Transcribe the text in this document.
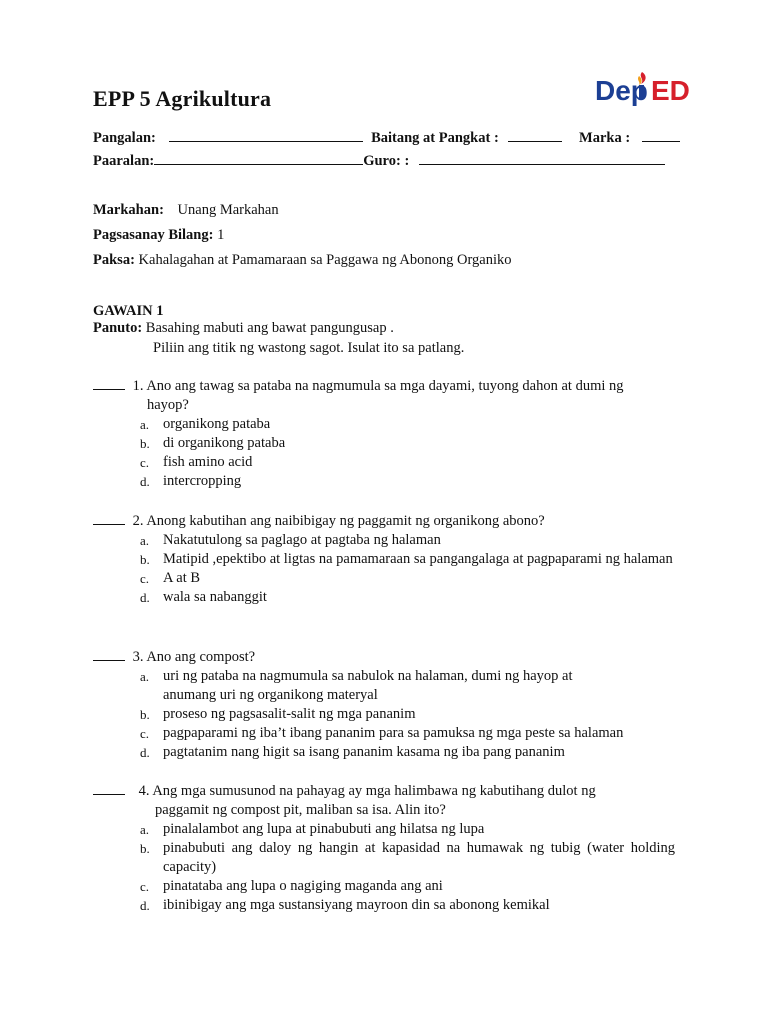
EPP 5 Agrikultura	Dep ED
Pangalan:	Baitang at Pangkat :	Marka :
Paaralan:	Guro: :
Markahan: Unang Markahan
Pagsasanay Bilang: 1
Paksa: Kahalagahan at Pamamaraan sa Paggawa ng Abonong Organiko
GAWAIN 1
Panuto: Basahing mabuti ang bawat pangungusap .
Piliin ang titik ng wastong sagot. Isulat ito sa patlang.
1. Ano ang tawag sa pataba na nagmumula sa mga dayami, tuyong dahon at dumi ng
hayop?
a. organikong pataba
b. di organikong pataba
c. fish amino acid
d. intercropping
2. Anong kabutihan ang naibibigay ng paggamit ng organikong abono?
a. Nakatutulong sa paglago at pagtaba ng halaman
b. Matipid ,epektibo at ligtas na pamamaraan sa pangangalaga at pagpaparami ng halaman
c. A at B
d. wala sa nabanggit
3. Ano ang compost?
a. uri ng pataba na nagmumula sa nabulok na halaman, dumi ng hayop at
anumang uri ng organikong materyal
b. proseso ng pagsasalit-salit ng mga pananim
c. pagpaparami ng iba’t ibang pananim para sa pamuksa ng mga peste sa halaman
d. pagtatanim nang higit sa isang pananim kasama ng iba pang pananim
4. Ang mga sumusunod na pahayag ay mga halimbawa ng kabutihang dulot ng
paggamit ng compost pit, maliban sa isa. Alin ito?
a. pinalalambot ang lupa at pinabubuti ang hilatsa ng lupa
b. pinabubuti ang daloy ng hangin at kapasidad na humawak ng tubig (water holding capacity)
c. pinatataba ang lupa o nagiging maganda ang ani
d. ibinibigay ang mga sustansiyang mayroon din sa abonong kemikal
